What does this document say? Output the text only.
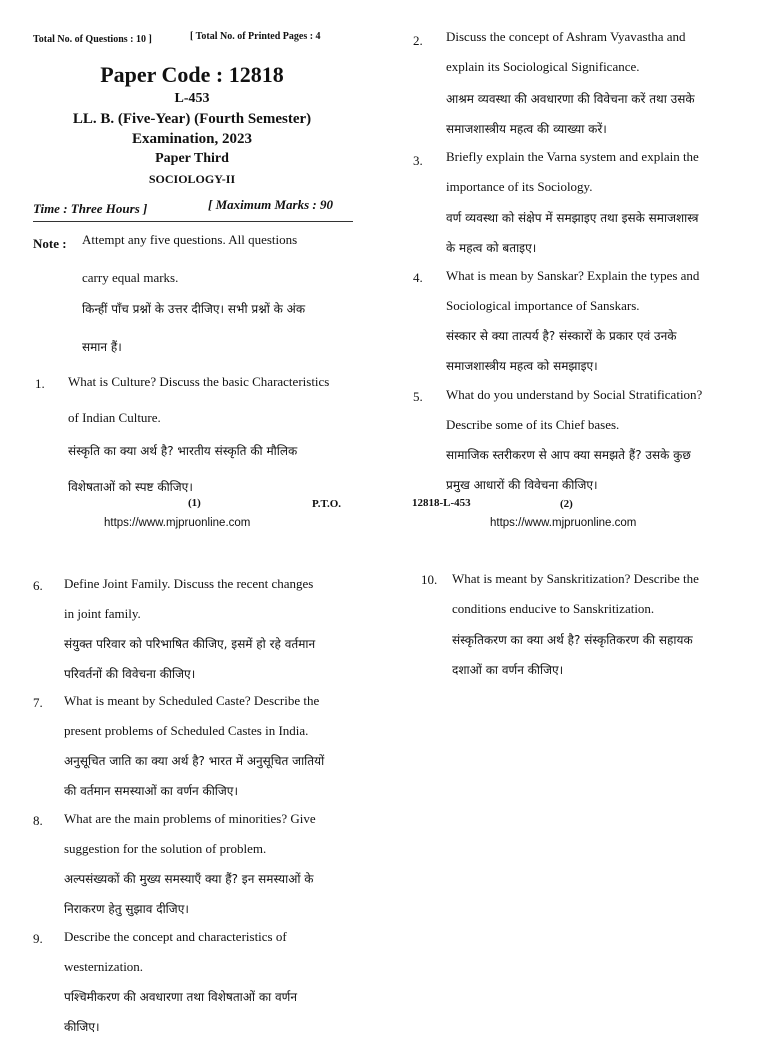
Total No. of Questions : 10 ]	[ Total No. of Printed Pages : 4
Paper Code : 12818
L-453
LL. B. (Five-Year) (Fourth Semester)
Examination, 2023
Paper Third
SOCIOLOGY-II
Time : Three Hours ]	[ Maximum Marks : 90
Note : Attempt any five questions. All questions
carry equal marks.
किन्हीं पाँच प्रश्नों के उत्तर दीजिए। सभी प्रश्नों के अंक
समान हैं।
1. What is Culture? Discuss the basic Characteristics
of Indian Culture.
संस्कृति का क्या अर्थ है? भारतीय संस्कृति की मौलिक
विशेषताओं को स्पष्ट कीजिए।
(1)	P.T.O.
https://www.mjpruonline.com
2. Discuss the concept of Ashram Vyavastha and
explain its Sociological Significance.
आश्रम व्यवस्था की अवधारणा की विवेचना करें तथा उसके
समाजशास्त्रीय महत्व की व्याख्या करें।
3. Briefly explain the Varna system and explain the
importance of its Sociology.
वर्ण व्यवस्था को संक्षेप में समझाइए तथा इसके समाजशास्त्र
के महत्व को बताइए।
4. What is mean by Sanskar? Explain the types and
Sociological importance of Sanskars.
संस्कार से क्या तात्पर्य है? संस्कारों के प्रकार एवं उनके
समाजशास्त्रीय महत्व को समझाइए।
5. What do you understand by Social Stratification?
Describe some of its Chief bases.
सामाजिक स्तरीकरण से आप क्या समझते हैं? उसके कुछ
प्रमुख आधारों की विवेचना कीजिए।
12818-L-453	(2)
https://www.mjpruonline.com
6. Define Joint Family. Discuss the recent changes
in joint family.
संयुक्त परिवार को परिभाषित कीजिए, इसमें हो रहे वर्तमान
परिवर्तनों की विवेचना कीजिए।
7. What is meant by Scheduled Caste? Describe the
present problems of Scheduled Castes in India.
अनुसूचित जाति का क्या अर्थ है? भारत में अनुसूचित जातियों
की वर्तमान समस्याओं का वर्णन कीजिए।
8. What are the main problems of minorities? Give
suggestion for the solution of problem.
अल्पसंख्यकों की मुख्य समस्याएँ क्या हैं? इन समस्याओं के
निराकरण हेतु सुझाव दीजिए।
9. Describe the concept and characteristics of
westernization.
पश्चिमीकरण की अवधारणा तथा विशेषताओं का वर्णन
कीजिए।
10. What is meant by Sanskritization? Describe the
conditions enducive to Sanskritization.
संस्कृतिकरण का क्या अर्थ है? संस्कृतिकरण की सहायक
दशाओं का वर्णन कीजिए।
